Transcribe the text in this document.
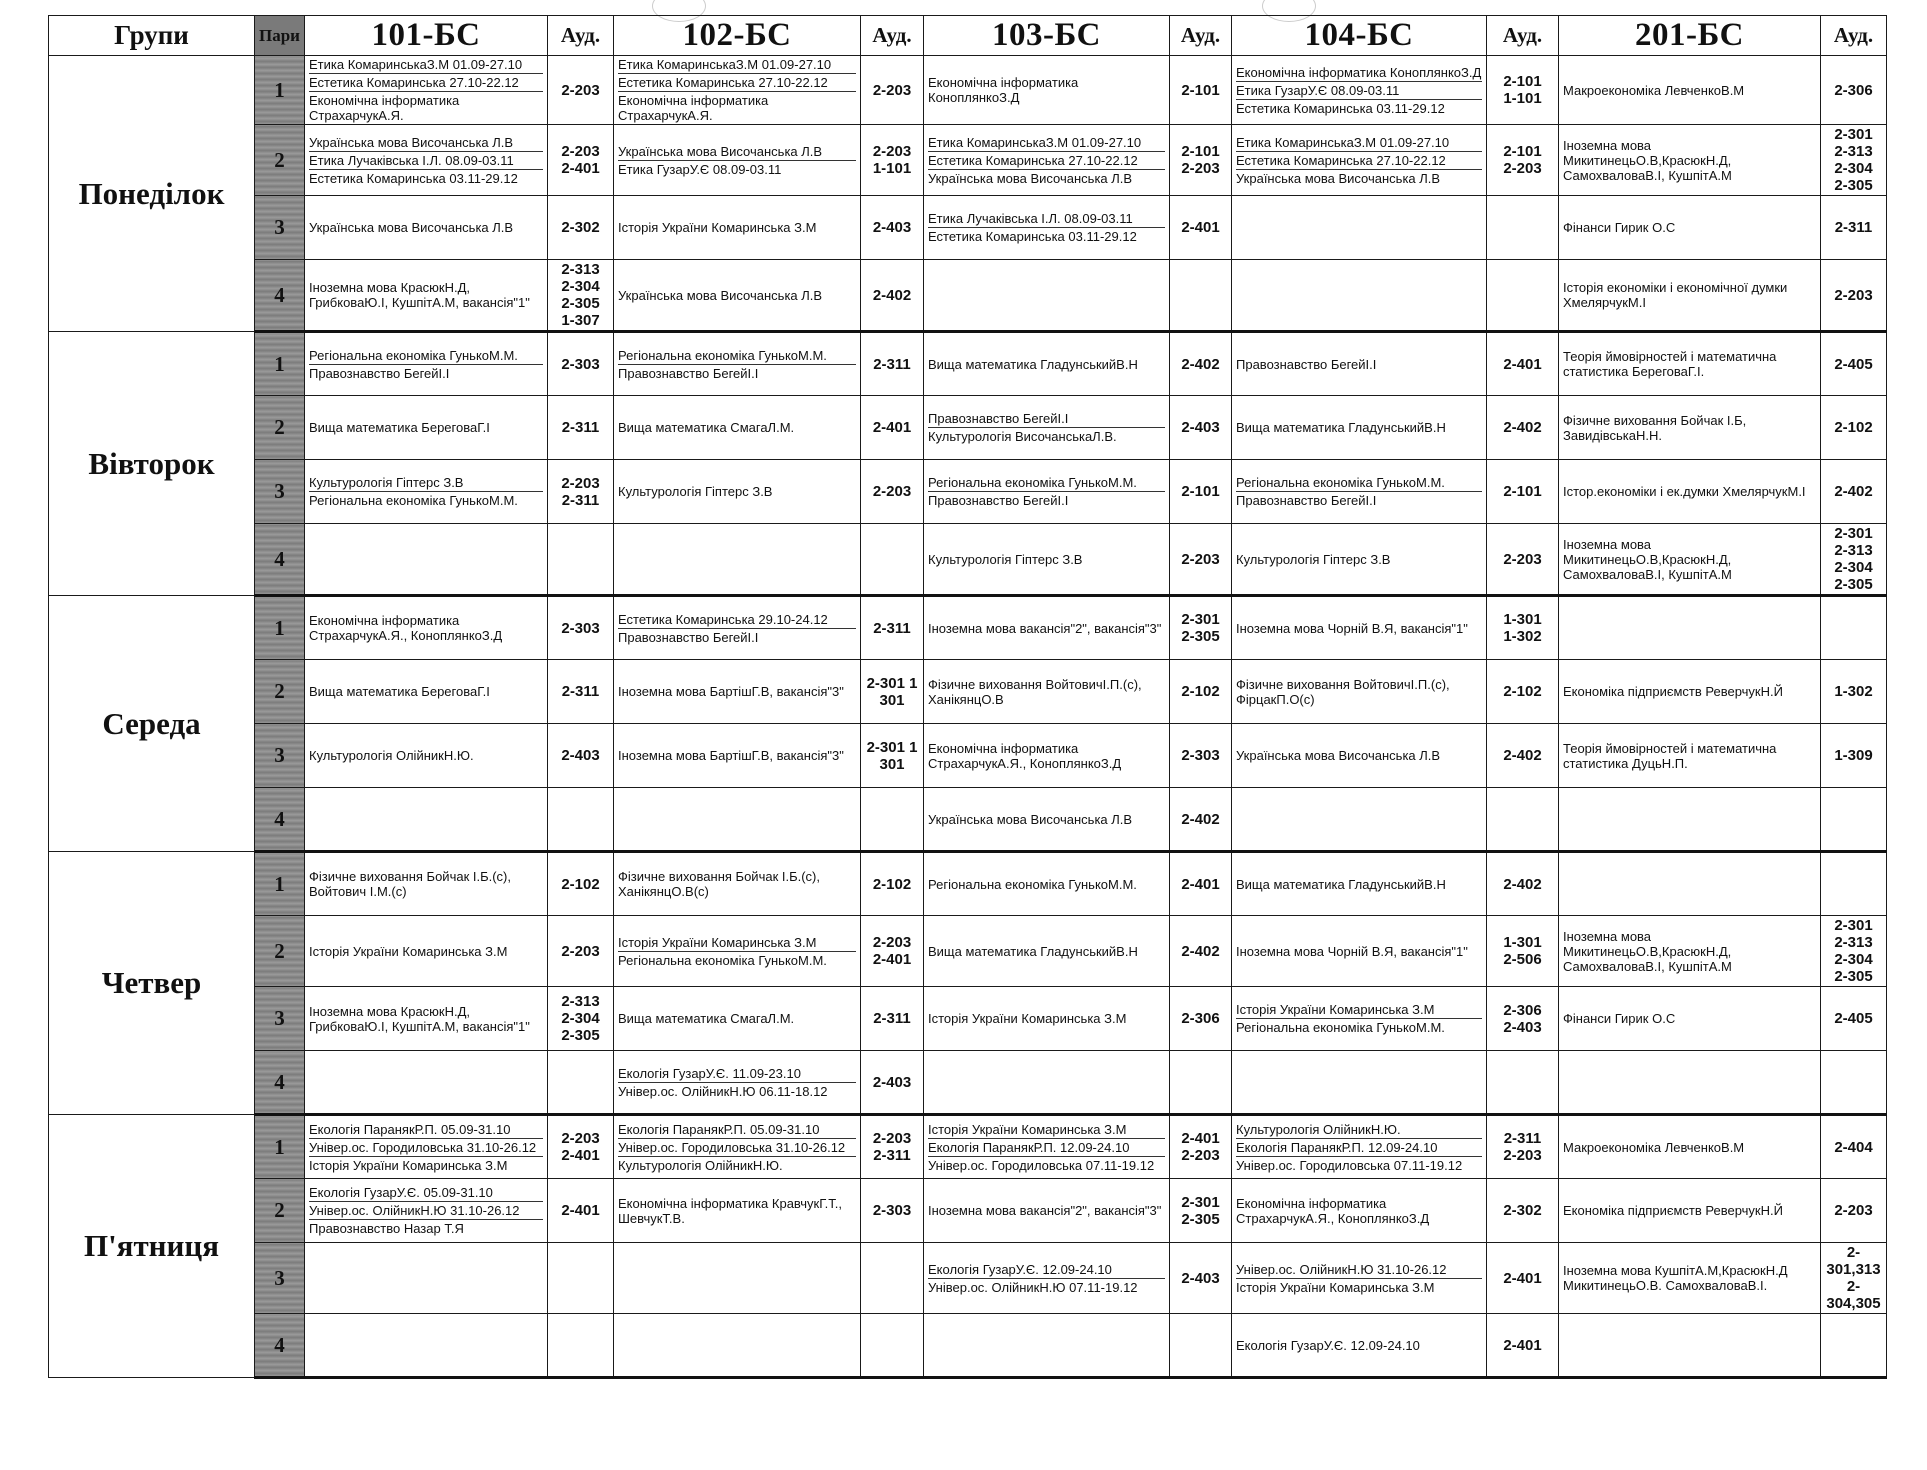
Групи	Пари	101-БС	Ауд.	102-БС	Ауд.	103-БС	Ауд.	104-БС	Ауд.	201-БС	Ауд.
Понеділок	1	Етика КомаринськаЗ.М 01.09-27.10
Естетика Комаринська 27.10-22.12
Економічна інформатика СтрахарчукА.Я.	2-203	Етика КомаринськаЗ.М 01.09-27.10
Естетика Комаринська 27.10-22.12
Економічна інформатика СтрахарчукА.Я.	2-203	Економічна інформатика КоноплянкоЗ.Д	2-101	Економічна інформатика КоноплянкоЗ.Д
Етика ГузарУ.Є 08.09-03.11
Естетика Комаринська 03.11-29.12	2-101
1-101	Макроекономіка ЛевченкоВ.М	2-306

	2	Українська мова Височанська Л.В
Етика Лучаківська І.Л. 08.09-03.11
Естетика Комаринська 03.11-29.12	2-203
2-401	Українська мова Височанська Л.В
Етика ГузарУ.Є 08.09-03.11	2-203
1-101	Етика КомаринськаЗ.М 01.09-27.10
Естетика Комаринська 27.10-22.12
Українська мова Височанська Л.В	2-101
2-203	Етика КомаринськаЗ.М 01.09-27.10
Естетика Комаринська 27.10-22.12
Українська мова Височанська Л.В	2-101
2-203	Іноземна мова МикитинецьО.В,КрасюкН.Д, СамохваловаВ.І, КушпітА.М	2-301
2-313
2-304
2-305

	3	Українська мова Височанська Л.В	2-302	Історія України Комаринська З.М	2-403	Етика Лучаківська І.Л. 08.09-03.11
Естетика Комаринська 03.11-29.12	2-401			Фінанси Гирик О.С	2-311

	4	Іноземна мова КрасюкН.Д, ГрибковаЮ.І, КушпітА.М, вакансія"1"	2-313
2-304
2-305
1-307	Українська мова Височанська Л.В	2-402					Історія економіки і економічної думки ХмелярчукМ.І	2-203

Вівторок	1	Регіональна економіка ГунькоМ.М.
Правознавство БегейІ.І	2-303	Регіональна економіка ГунькоМ.М.
Правознавство БегейІ.І	2-311	Вища математика ГладунськийВ.Н	2-402	Правознавство БегейІ.І	2-401	Теорія ймовірностей і математична статистика БереговаГ.І.	2-405

	2	Вища математика БереговаГ.І	2-311	Вища математика СмагаЛ.М.	2-401	Правознавство БегейІ.І
Культурологія ВисочанськаЛ.В.	2-403	Вища математика ГладунськийВ.Н	2-402	Фізичне виховання Бойчак І.Б, ЗавидівськаН.Н.	2-102

	3	Культурологія Гіптерс З.В
Регіональна економіка ГунькоМ.М.	2-203
2-311	Культурологія Гіптерс З.В	2-203	Регіональна економіка ГунькоМ.М.
Правознавство БегейІ.І	2-101	Регіональна економіка ГунькоМ.М.
Правознавство БегейІ.І	2-101	Істор.економіки і ек.думки ХмелярчукМ.І	2-402

	4					Культурологія Гіптерс З.В	2-203	Культурологія Гіптерс З.В	2-203	Іноземна мова МикитинецьО.В,КрасюкН.Д, СамохваловаВ.І, КушпітА.М	2-301
2-313
2-304
2-305

Середа	1	Економічна інформатика СтрахарчукА.Я., КоноплянкоЗ.Д	2-303	Естетика Комаринська 29.10-24.12
Правознавство БегейІ.І	2-311	Іноземна мова вакансія"2", вакансія"3"	2-301
2-305	Іноземна мова Чорній В.Я, вакансія"1"	1-301
1-302		

	2	Вища математика БереговаГ.І	2-311	Іноземна мова БартішГ.В, вакансія"3"	2-301 1
301	Фізичне виховання ВойтовичІ.П.(с), ХанікянцО.В	2-102	Фізичне виховання ВойтовичІ.П.(с), ФірцакП.О(с)	2-102	Економіка підприємств РеверчукН.Й	1-302

	3	Культурологія ОлійникН.Ю.	2-403	Іноземна мова БартішГ.В, вакансія"3"	2-301 1
301	Економічна інформатика СтрахарчукА.Я., КоноплянкоЗ.Д	2-303	Українська мова Височанська Л.В	2-402	Теорія ймовірностей і математична статистика ДуцьН.П.	1-309

	4					Українська мова Височанська Л.В	2-402				

Четвер	1	Фізичне виховання Бойчак І.Б.(с), Войтович І.М.(с)	2-102	Фізичне виховання Бойчак І.Б.(с), ХанікянцО.В(с)	2-102	Регіональна економіка ГунькоМ.М.	2-401	Вища математика ГладунськийВ.Н	2-402		

	2	Історія України Комаринська З.М	2-203	Історія України Комаринська З.М
Регіональна економіка ГунькоМ.М.	2-203
2-401	Вища математика ГладунськийВ.Н	2-402	Іноземна мова Чорній В.Я, вакансія"1"	1-301
2-506	Іноземна мова МикитинецьО.В,КрасюкН.Д, СамохваловаВ.І, КушпітА.М	2-301
2-313
2-304
2-305

	3	Іноземна мова КрасюкН.Д, ГрибковаЮ.І, КушпітА.М, вакансія"1"	2-313
2-304
2-305	Вища математика СмагаЛ.М.	2-311	Історія України Комаринська З.М	2-306	Історія України Комаринська З.М
Регіональна економіка ГунькоМ.М.	2-306
2-403	Фінанси Гирик О.С	2-405

	4			Екологія ГузарУ.Є. 11.09-23.10
Універ.ос. ОлійникН.Ю 06.11-18.12	2-403						

П'ятниця	1	Екологія ПаранякР.П. 05.09-31.10
Універ.ос. Городиловська 31.10-26.12
Історія України Комаринська З.М	2-203
2-401	Екологія ПаранякР.П. 05.09-31.10
Універ.ос. Городиловська 31.10-26.12
Культурологія ОлійникН.Ю.	2-203
2-311	Історія України Комаринська З.М
Екологія ПаранякР.П. 12.09-24.10
Універ.ос. Городиловська 07.11-19.12	2-401
2-203	Культурологія ОлійникН.Ю.
Екологія ПаранякР.П. 12.09-24.10
Універ.ос. Городиловська 07.11-19.12	2-311
2-203	Макроекономіка ЛевченкоВ.М	2-404

	2	Екологія ГузарУ.Є. 05.09-31.10
Універ.ос. ОлійникН.Ю 31.10-26.12
Правознавство Назар Т.Я	2-401	Економічна інформатика КравчукГ.Т., ШевчукТ.В.	2-303	Іноземна мова вакансія"2", вакансія"3"	2-301
2-305	Економічна інформатика СтрахарчукА.Я., КоноплянкоЗ.Д	2-302	Економіка підприємств РеверчукН.Й	2-203

	3					Екологія ГузарУ.Є. 12.09-24.10
Універ.ос. ОлійникН.Ю 07.11-19.12	2-403	Універ.ос. ОлійникН.Ю 31.10-26.12
Історія України Комаринська З.М	2-401	Іноземна мова КушпітА.М,КрасюкН.Д МикитинецьО.В. СамохваловаВ.І.	2-301,313
2-304,305

	4							Екологія ГузарУ.Є. 12.09-24.10	2-401		
